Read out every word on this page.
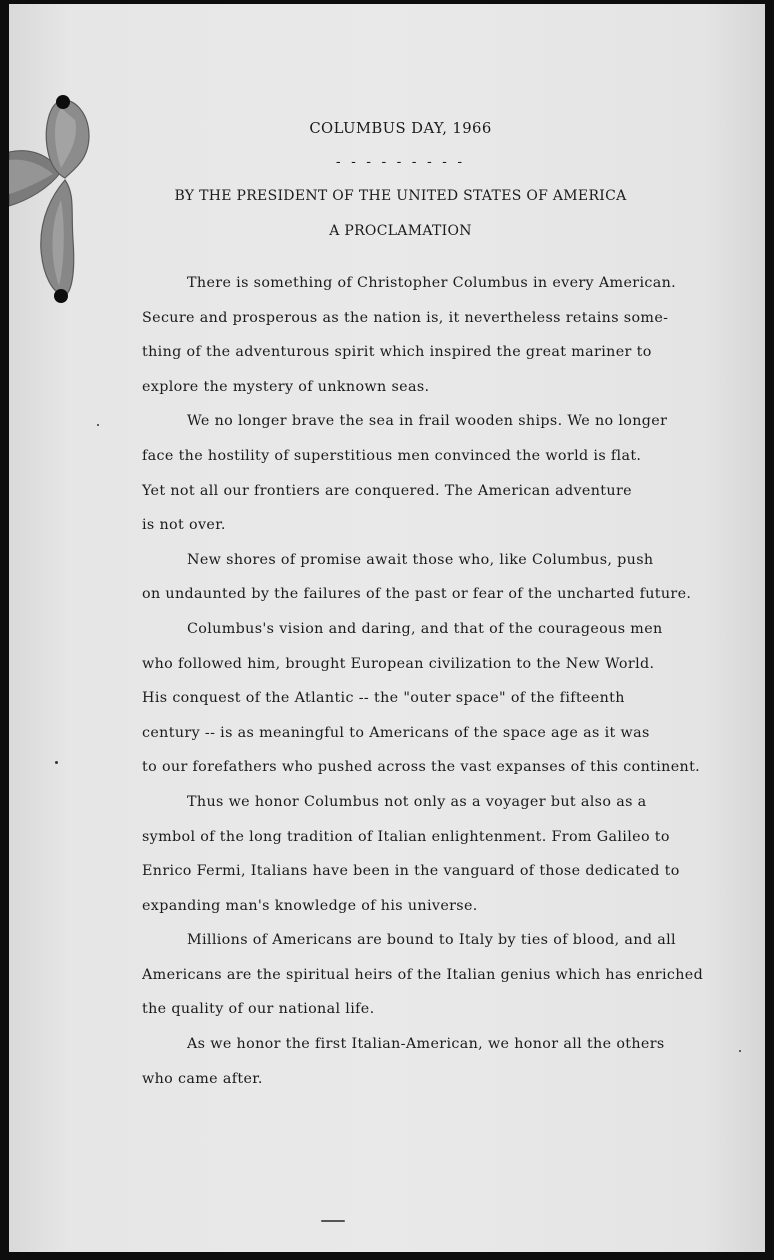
COLUMBUS DAY, 1966
- - - - - - - - -
BY THE PRESIDENT OF THE UNITED STATES OF AMERICA
A PROCLAMATION
There is something of Christopher Columbus in every American.
Secure and prosperous as the nation is, it nevertheless retains some-
thing of the adventurous spirit which inspired the great mariner to
explore the mystery of unknown seas.
We no longer brave the sea in frail wooden ships. We no longer
face the hostility of superstitious men convinced the world is flat.
Yet not all our frontiers are conquered. The American adventure
is not over.
New shores of promise await those who, like Columbus, push
on undaunted by the failures of the past or fear of the uncharted future.
Columbus's vision and daring, and that of the courageous men
who followed him, brought European civilization to the New World.
His conquest of the Atlantic -- the "outer space" of the fifteenth
century -- is as meaningful to Americans of the space age as it was
to our forefathers who pushed across the vast expanses of this continent.
Thus we honor Columbus not only as a voyager but also as a
symbol of the long tradition of Italian enlightenment. From Galileo to
Enrico Fermi, Italians have been in the vanguard of those dedicated to
expanding man's knowledge of his universe.
Millions of Americans are bound to Italy by ties of blood, and all
Americans are the spiritual heirs of the Italian genius which has enriched
the quality of our national life.
As we honor the first Italian-American, we honor all the others
who came after.
